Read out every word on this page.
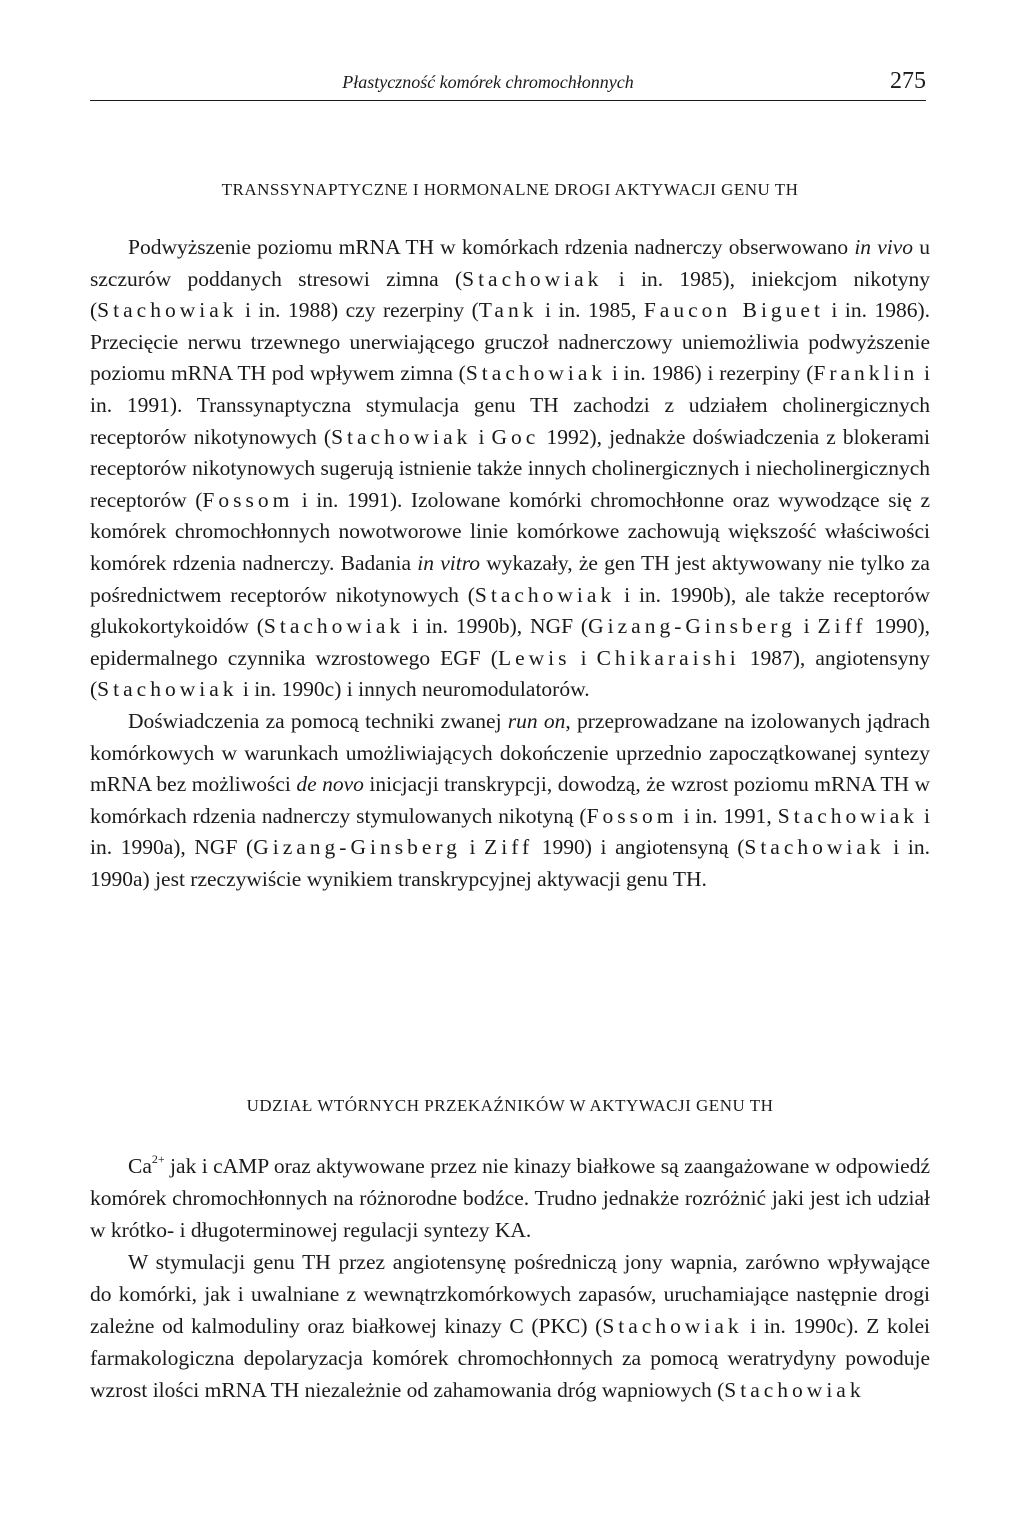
Płastyczność komórek chromochłonnych	275
TRANSSYNAPTYCZNE I HORMONALNE DROGI AKTYWACJI GENU TH

Podwyższenie poziomu mRNA TH w komórkach rdzenia nadnerczy obserwowano in vivo u szczurów poddanych stresowi zimna (Stachowiak i in. 1985), iniekcjom nikotyny (Stachowiak i in. 1988) czy rezerpiny (Tank i in. 1985, Faucon Biguet i in. 1986). Przecięcie nerwu trzewnego unerwiającego gruczoł nadnerczowy uniemożliwia podwyższenie poziomu mRNA TH pod wpływem zimna (Stachowiak i in. 1986) i rezerpiny (Franklin i in. 1991). Transsynaptyczna stymulacja genu TH zachodzi z udziałem cholinergicznych receptorów nikotynowych (Stachowiak i Goc 1992), jednakże doświadczenia z blokerami receptorów nikotynowych sugerują istnienie także innych cholinergicznych i niecholinergicznych receptorów (Fossom i in. 1991). Izolowane komórki chromochłonne oraz wywodzące się z komórek chromochłonnych nowotworowe linie komórkowe zachowują większość właściwości komórek rdzenia nadnerczy. Badania in vitro wykazały, że gen TH jest aktywowany nie tylko za pośrednictwem receptorów nikotynowych (Stachowiak i in. 1990b), ale także receptorów glukokortykoidów (Stachowiak i in. 1990b), NGF (Gizang-Ginsberg i Ziff 1990), epidermalnego czynnika wzrostowego EGF (Lewis i Chikaraishi 1987), angiotensyny (Stachowiak i in. 1990c) i innych neuromodulatorów.

Doświadczenia za pomocą techniki zwanej run on, przeprowadzane na izolowanych jądrach komórkowych w warunkach umożliwiających dokończenie uprzednio zapoczątkowanej syntezy mRNA bez możliwości de novo inicjacji transkrypcji, dowodzą, że wzrost poziomu mRNA TH w komórkach rdzenia nadnerczy stymulowanych nikotyną (Fossom i in. 1991, Stachowiak i in. 1990a), NGF (Gizang-Ginsberg i Ziff 1990) i angiotensyną (Stachowiak i in. 1990a) jest rzeczywiście wynikiem transkrypcyjnej aktywacji genu TH.

UDZIAŁ WTÓRNYCH PRZEKAŹNIKÓW W AKTYWACJI GENU TH

$Ca^{2+}$ jak i cAMP oraz aktywowane przez nie kinazy białkowe są zaangażowane w odpowiedź komórek chromochłonnych na różnorodne bodźce. Trudno jednakże rozróżnić jaki jest ich udział w krótko- i długoterminowej regulacji syntezy KA.

W stymulacji genu TH przez angiotensynę pośredniczą jony wapnia, zarówno wpływające do komórki, jak i uwalniane z wewnątrzkomórkowych zapasów, uruchamiające następnie drogi zależne od kalmoduliny oraz białkowej kinazy C (PKC) (Stachowiak i in. 1990c). Z kolei farmakologiczna depolaryzacja komórek chromochłonnych za pomocą weratrydyny powoduje wzrost ilości mRNA TH niezależnie od zahamowania dróg wapniowych (Stachowiak
